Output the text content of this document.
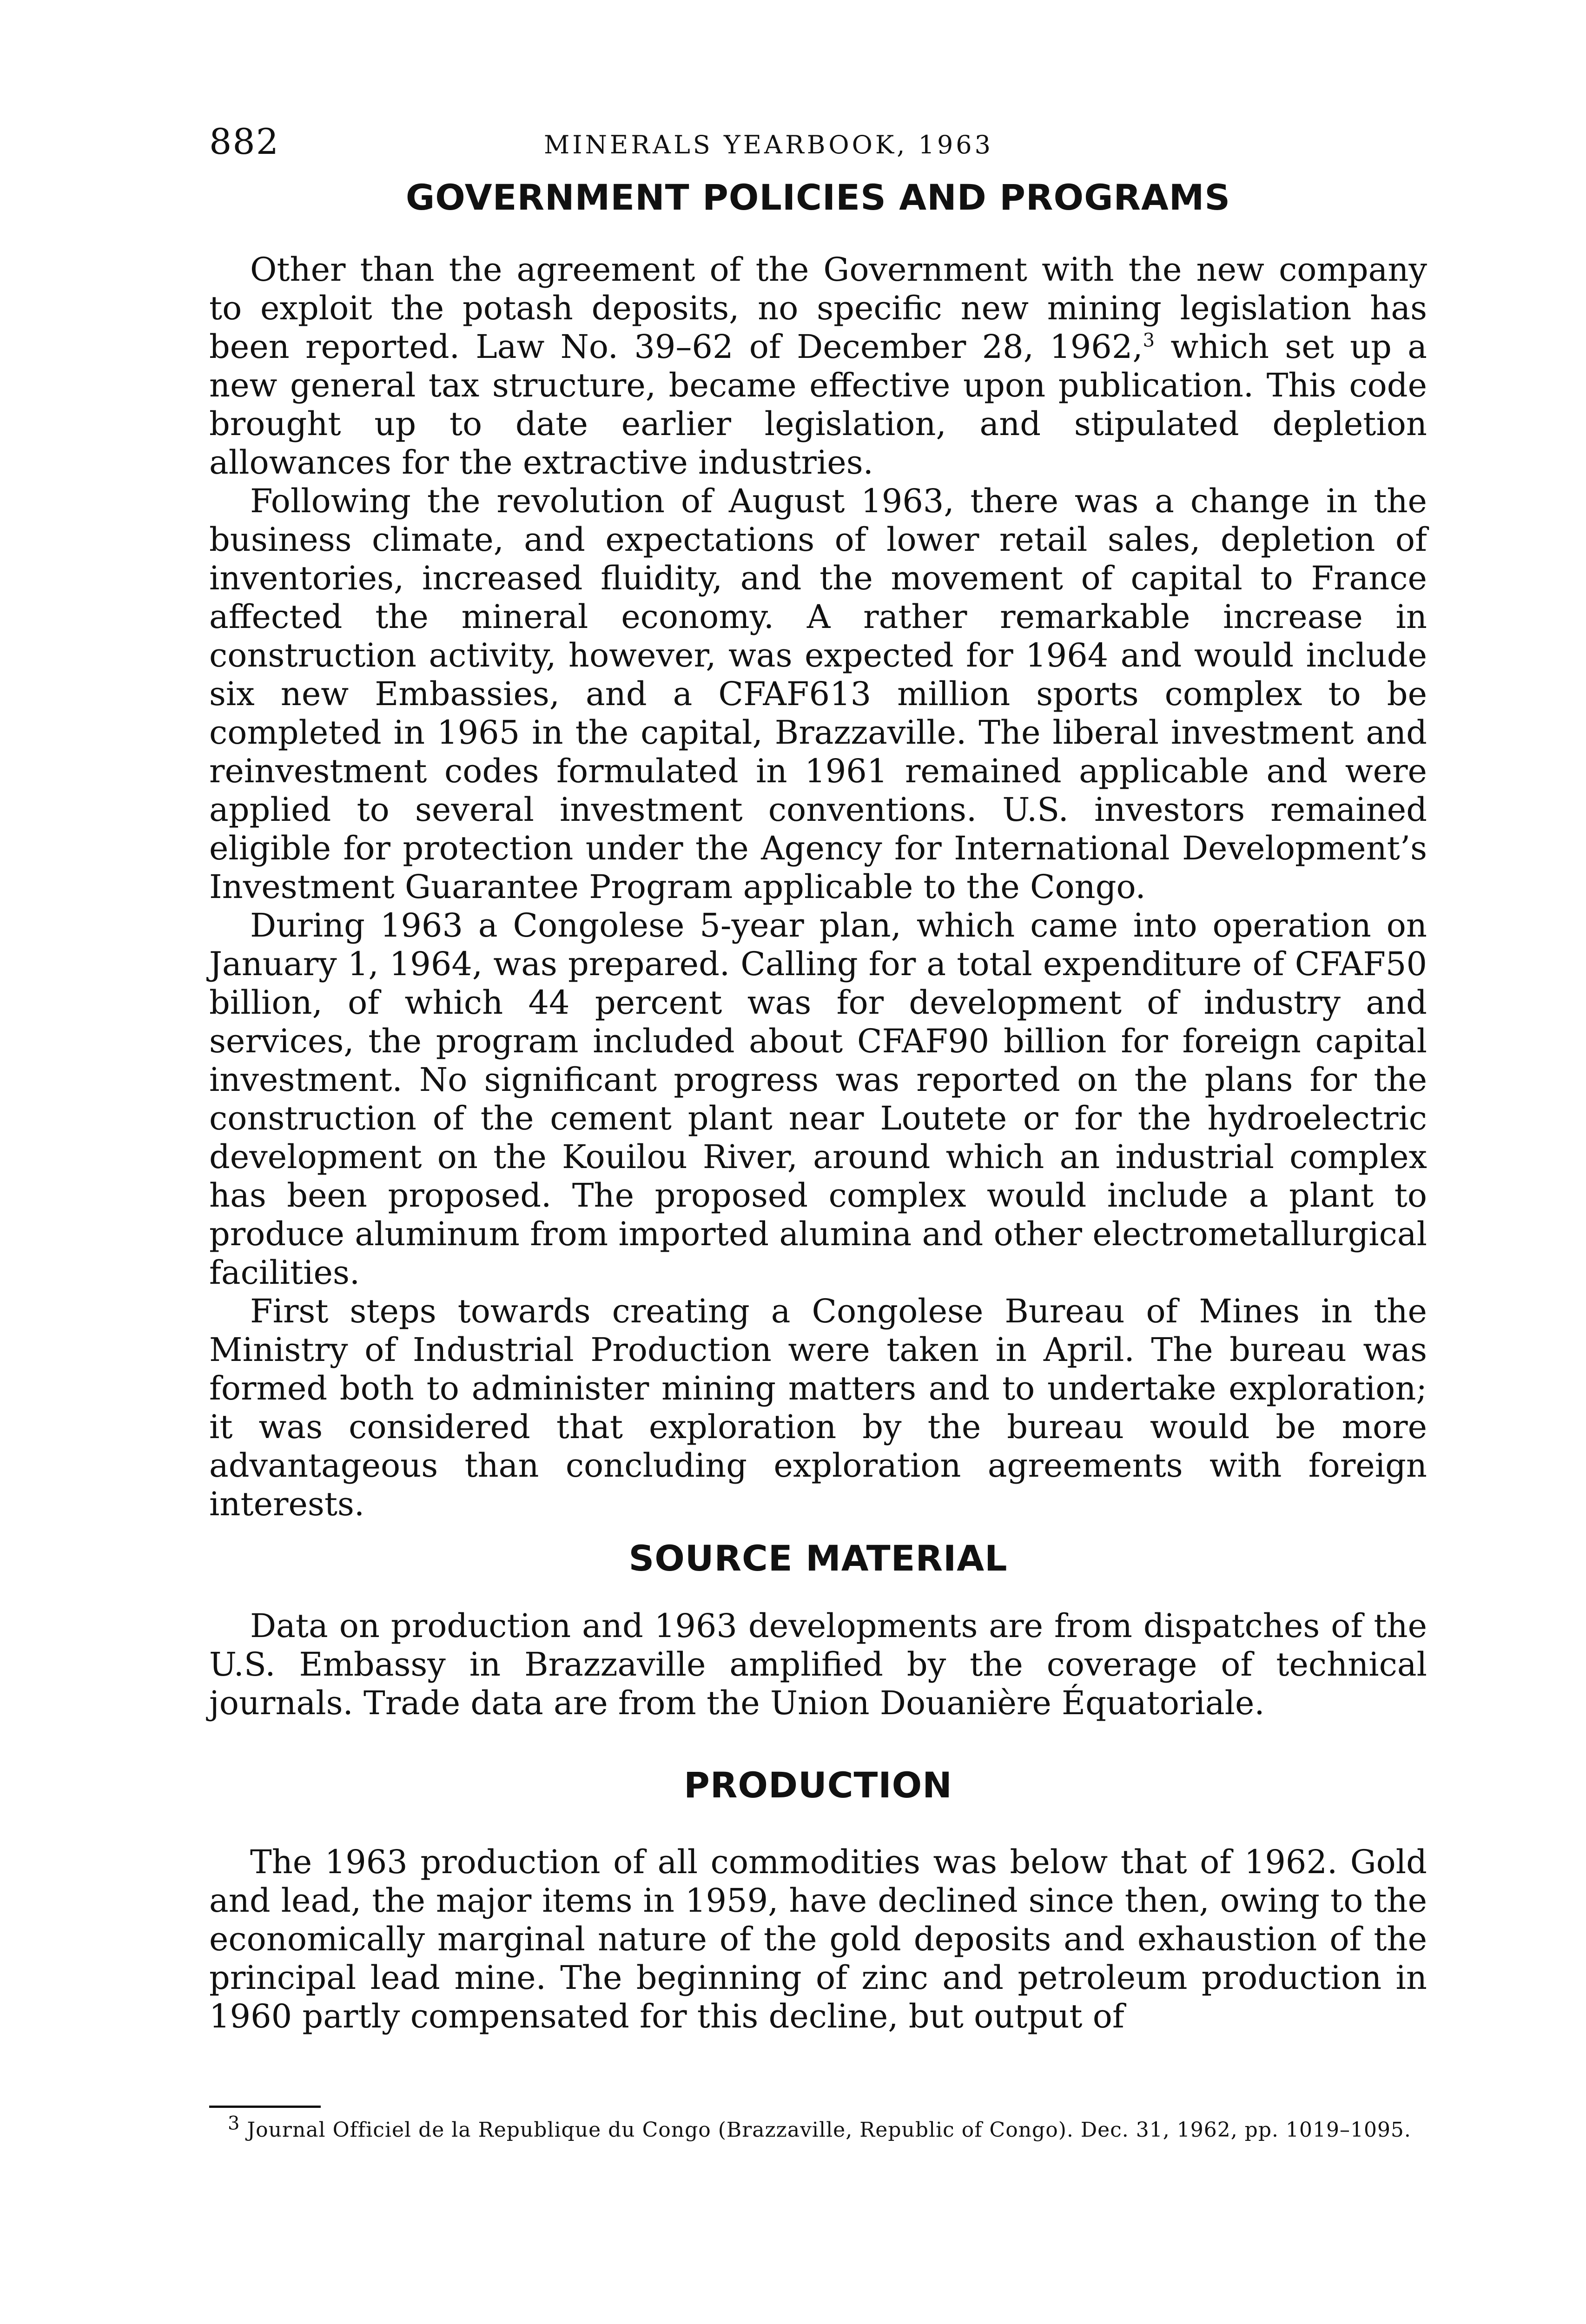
882	MINERALS YEARBOOK, 1963
GOVERNMENT POLICIES AND PROGRAMS

Other than the agreement of the Government with the new company to exploit the potash deposits, no specific new mining legislation has been reported. Law No. 39–62 of December 28, 1962,$^3$ which set up a new general tax structure, became effective upon publication. This code brought up to date earlier legislation, and stipulated depletion allowances for the extractive industries.

Following the revolution of August 1963, there was a change in the business climate, and expectations of lower retail sales, depletion of inventories, increased fluidity, and the movement of capital to France affected the mineral economy. A rather remarkable increase in construction activity, however, was expected for 1964 and would include six new Embassies, and a CFAF613 million sports complex to be completed in 1965 in the capital, Brazzaville. The liberal investment and reinvestment codes formulated in 1961 remained applicable and were applied to several investment conventions. U.S. investors remained eligible for protection under the Agency for International Development’s Investment Guarantee Program applicable to the Congo.

During 1963 a Congolese 5-year plan, which came into operation on January 1, 1964, was prepared. Calling for a total expenditure of CFAF50 billion, of which 44 percent was for development of industry and services, the program included about CFAF90 billion for foreign capital investment. No significant progress was reported on the plans for the construction of the cement plant near Loutete or for the hydroelectric development on the Kouilou River, around which an industrial complex has been proposed. The proposed complex would include a plant to produce aluminum from imported alumina and other electrometallurgical facilities.

First steps towards creating a Congolese Bureau of Mines in the Ministry of Industrial Production were taken in April. The bureau was formed both to administer mining matters and to undertake exploration; it was considered that exploration by the bureau would be more advantageous than concluding exploration agreements with foreign interests.

SOURCE MATERIAL

Data on production and 1963 developments are from dispatches of the U.S. Embassy in Brazzaville amplified by the coverage of technical journals. Trade data are from the Union Douanière Équatoriale.

PRODUCTION

The 1963 production of all commodities was below that of 1962. Gold and lead, the major items in 1959, have declined since then, owing to the economically marginal nature of the gold deposits and exhaustion of the principal lead mine. The beginning of zinc and petroleum production in 1960 partly compensated for this decline, but output of

$^3$ Journal Officiel de la Republique du Congo (Brazzaville, Republic of Congo). Dec. 31, 1962, pp. 1019–1095.
